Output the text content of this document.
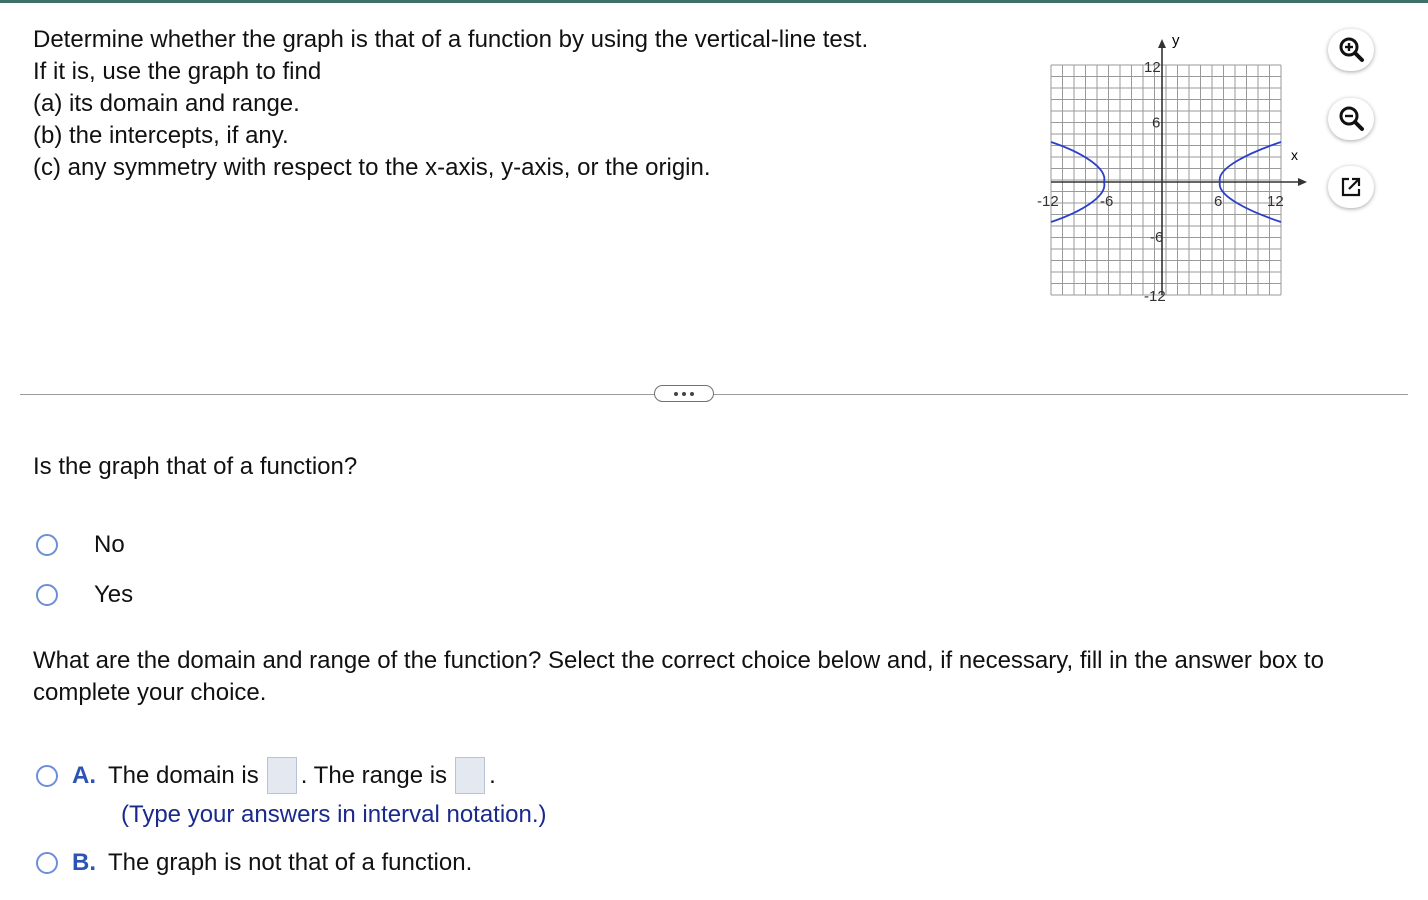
Determine whether the graph is that of a function by using the vertical-line test.
If it is, use the graph to find
(a) its domain and range.
(b) the intercepts, if any.
(c) any symmetry with respect to the x-axis, y-axis, or the origin.	x
y
-12	-6	6	12
12
6
-6
-12
Is the graph that of a function?
No
Yes
What are the domain and range of the function? Select the correct choice below and, if necessary, fill in the answer box to complete your choice.
A. The domain is . The range is .
(Type your answers in interval notation.)
B. The graph is not that of a function.
